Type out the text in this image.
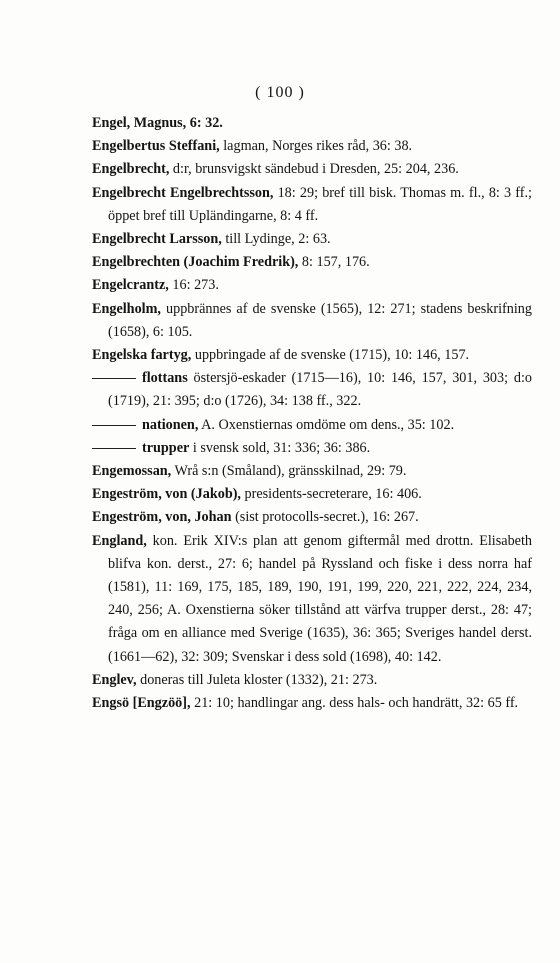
( 100 )
Engel, Magnus, 6: 32.
Engelbertus Steffani, lagman, Norges rikes råd, 36: 38.
Engelbrecht, d:r, brunsvigskt sändebud i Dresden, 25: 204, 236.
Engelbrecht Engelbrechtsson, 18: 29; bref till bisk. Thomas m. fl., 8: 3 ff.; öppet bref till Upländingarne, 8: 4 ff.
Engelbrecht Larsson, till Lydinge, 2: 63.
Engelbrechten (Joachim Fredrik), 8: 157, 176.
Engelcrantz, 16: 273.
Engelholm, uppbrännes af de svenske (1565), 12: 271; stadens beskrifning (1658), 6: 105.
Engelska fartyg, uppbringade af de svenske (1715), 10: 146, 157.
flottans östersjö-eskader (1715—16), 10: 146, 157, 301, 303; d:o (1719), 21: 395; d:o (1726), 34: 138 ff., 322.
nationen, A. Oxenstiernas omdöme om dens., 35: 102.
trupper i svensk sold, 31: 336; 36: 386.
Engemossan, Wrå s:n (Småland), gränsskilnad, 29: 79.
Engeström, von (Jakob), presidents-secreterare, 16: 406.
Engeström, von, Johan (sist protocolls-secret.), 16: 267.
England, kon. Erik XIV:s plan att genom giftermål med drottn. Elisabeth blifva kon. derst., 27: 6; handel på Ryssland och fiske i dess norra haf (1581), 11: 169, 175, 185, 189, 190, 191, 199, 220, 221, 222, 224, 234, 240, 256; A. Oxenstierna söker tillstånd att värfva trupper derst., 28: 47; fråga om en alliance med Sverige (1635), 36: 365; Sveriges handel derst. (1661—62), 32: 309; Svenskar i dess sold (1698), 40: 142.
Englev, doneras till Juleta kloster (1332), 21: 273.
Engsö [Engzöö], 21: 10; handlingar ang. dess hals- och handrätt, 32: 65 ff.
